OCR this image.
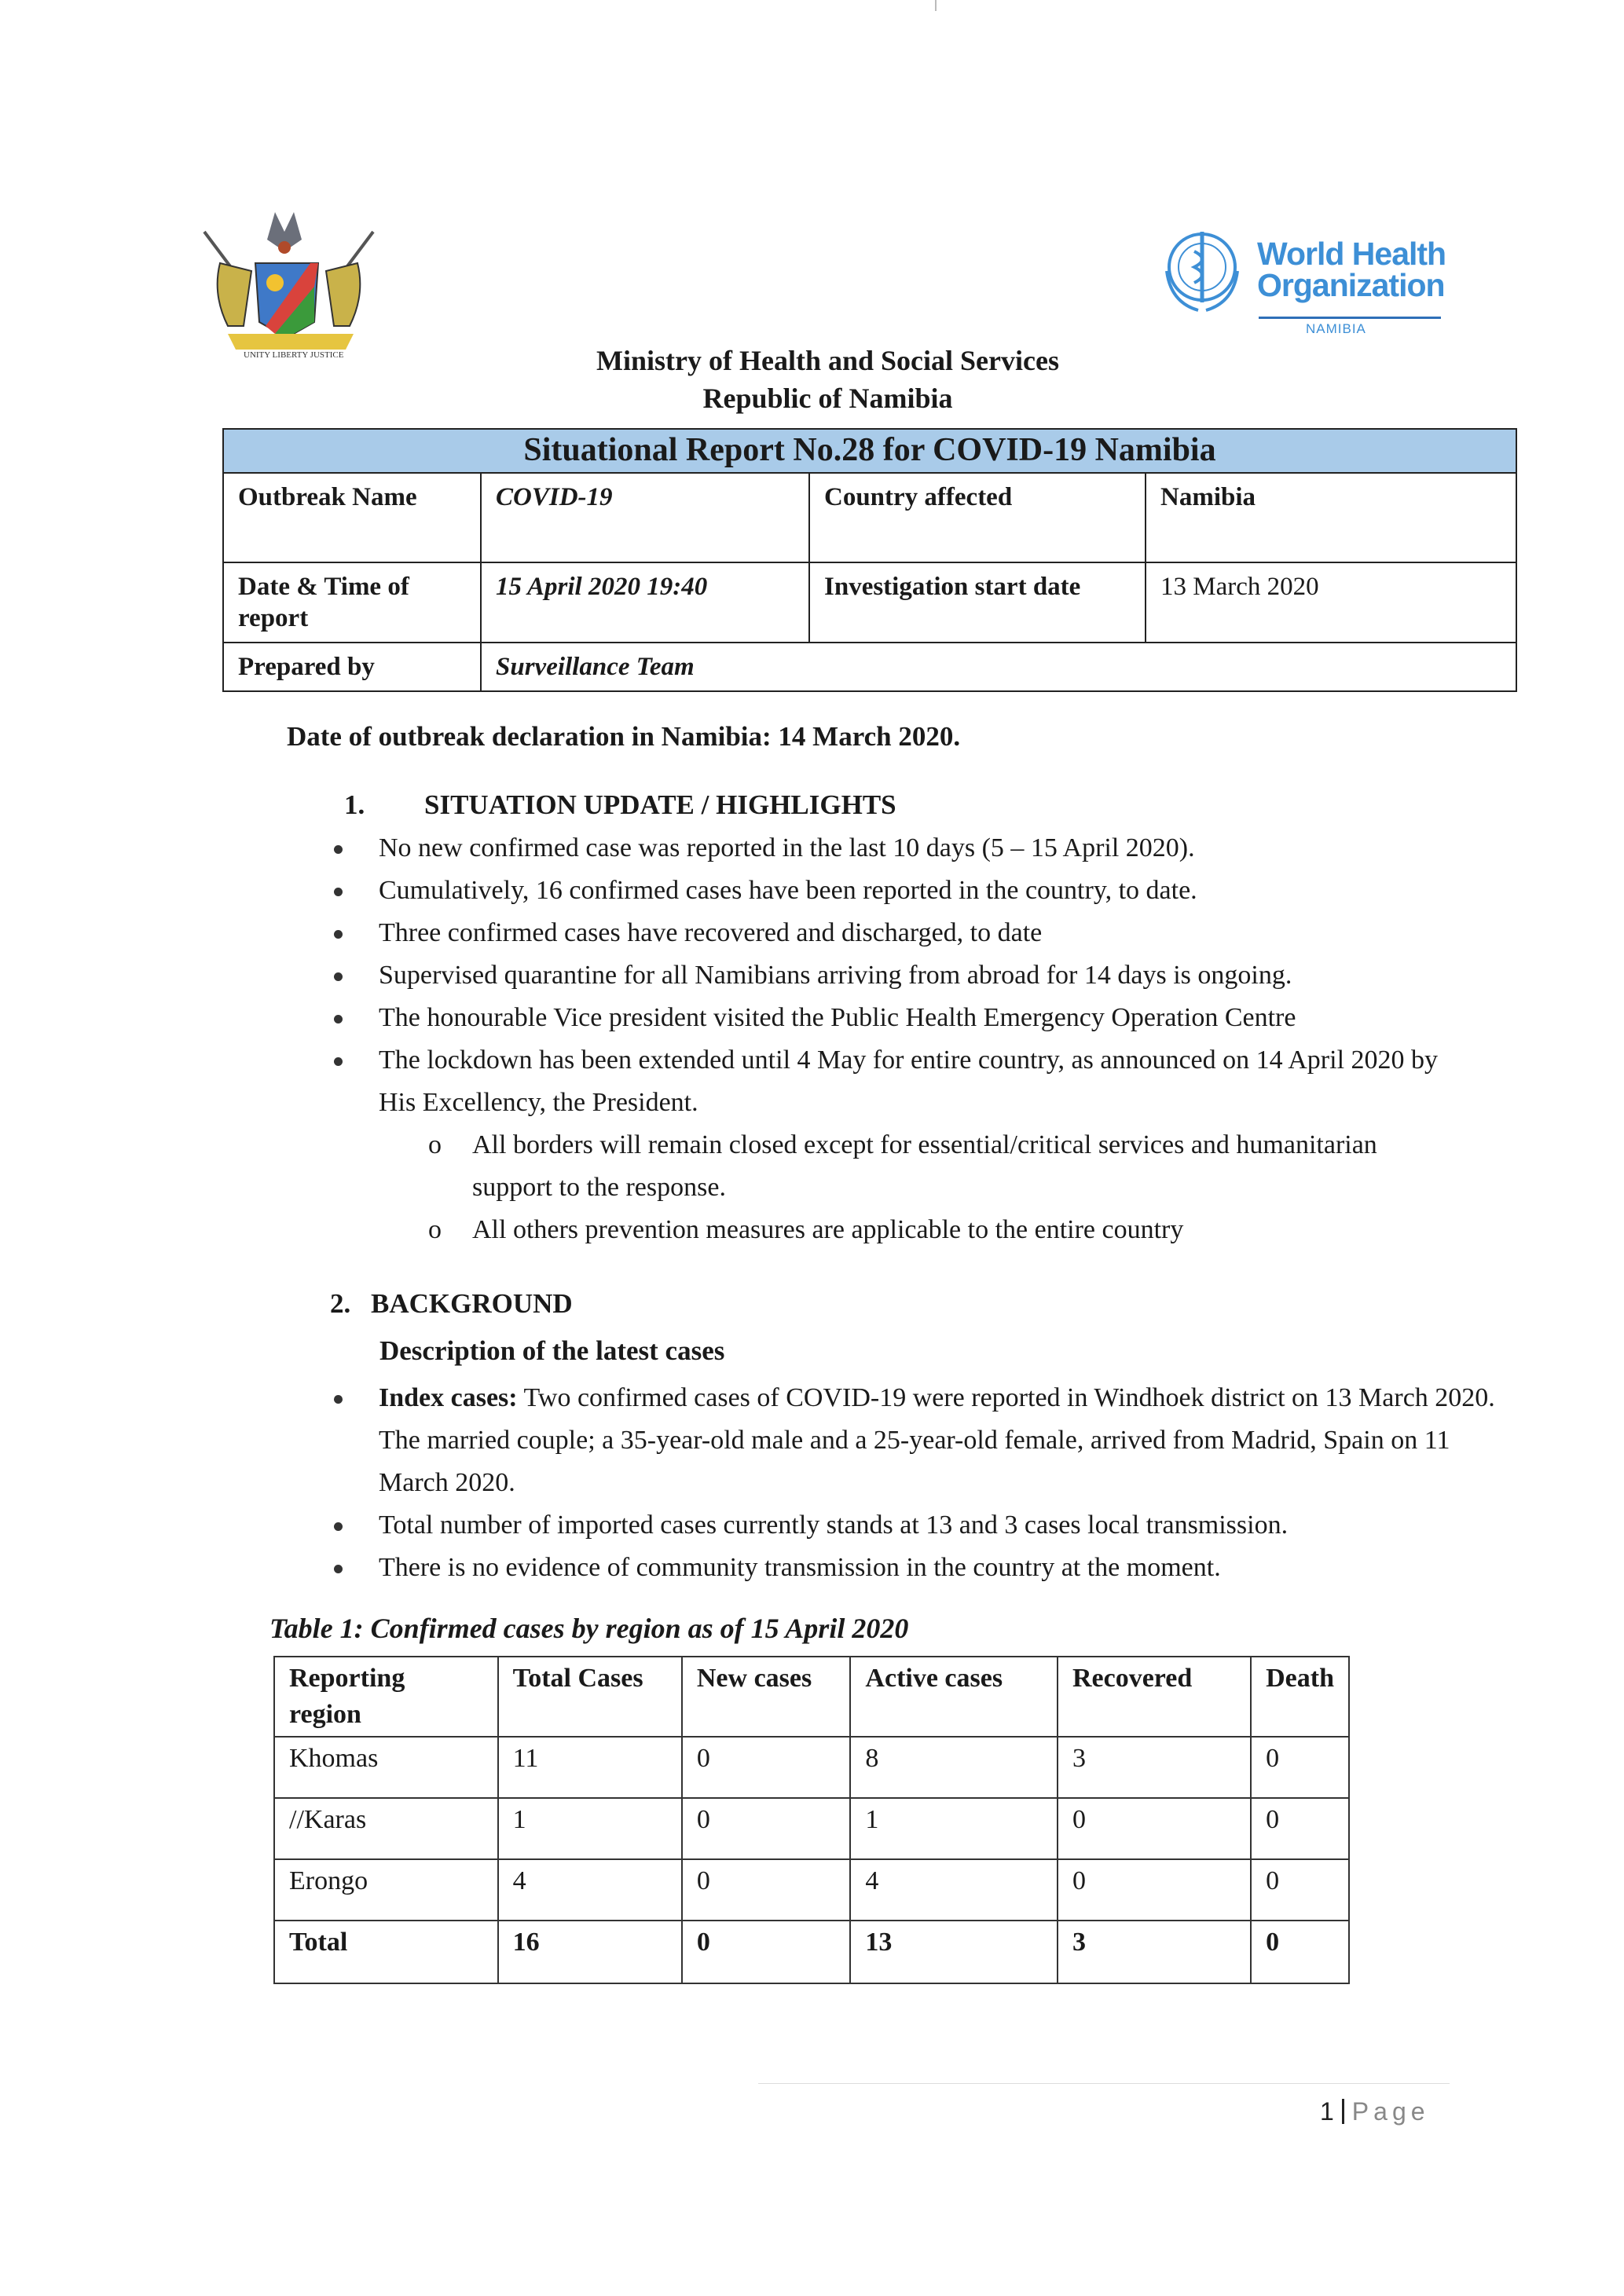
UNITY LIBERTY JUSTICE
World Health
Organization
NAMIBIA
Ministry of Health and Social Services
Republic of Namibia
Situational Report No.28 for COVID-19 Namibia			
Outbreak Name	COVID-19	Country affected	Namibia
Date & Time of report	15 April 2020 19:40	Investigation start date	13 March 2020
Prepared by	Surveillance Team		
Date of outbreak declaration in Namibia: 14 March 2020.
1. SITUATION UPDATE / HIGHLIGHTS
No new confirmed case was reported in the last 10 days (5 – 15 April 2020).
Cumulatively, 16 confirmed cases have been reported in the country, to date.
Three confirmed cases have recovered and discharged, to date
Supervised quarantine for all Namibians arriving from abroad for 14 days is ongoing.
The honourable Vice president visited the Public Health Emergency Operation Centre
The lockdown has been extended until 4 May for entire country, as announced on 14 April 2020 by His Excellency, the President.
o All borders will remain closed except for essential/critical services and humanitarian support to the response.
o All others prevention measures are applicable to the entire country
2. BACKGROUND
Description of the latest cases
Index cases: Two confirmed cases of COVID-19 were reported in Windhoek district on 13 March 2020. The married couple; a 35-year-old male and a 25-year-old female, arrived from Madrid, Spain on 11 March 2020.
Total number of imported cases currently stands at 13 and 3 cases local transmission.
There is no evidence of community transmission in the country at the moment.
Table 1: Confirmed cases by region as of 15 April 2020
Reporting region	Total Cases	New cases	Active cases	Recovered	Death
Khomas	11	0	8	3	0
//Karas	1	0	1	0	0
Erongo	4	0	4	0	0
Total	16	0	13	3	0
1 Page
